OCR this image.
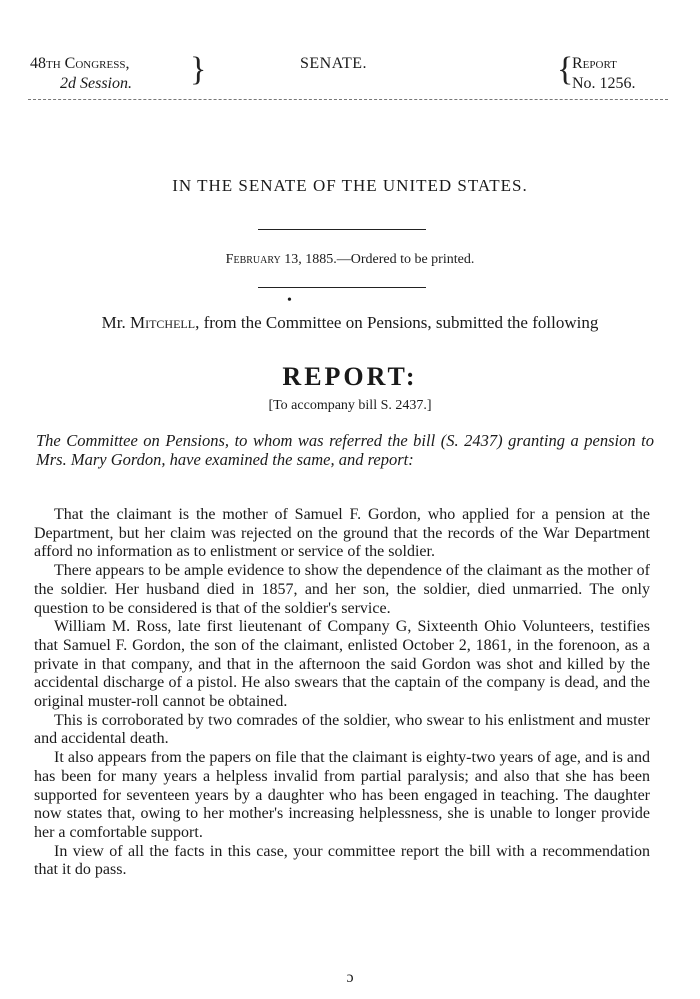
48th Congress,
2d Session.	}	SENATE.	{
Report
No. 1256.
IN THE SENATE OF THE UNITED STATES.
February 13, 1885.—Ordered to be printed.
•
Mr. Mitchell, from the Committee on Pensions, submitted the following
REPORT:
[To accompany bill S. 2437.]
The Committee on Pensions, to whom was referred the bill (S. 2437) granting a pension to Mrs. Mary Gordon, have examined the same, and report:

That the claimant is the mother of Samuel F. Gordon, who applied for a pension at the Department, but her claim was rejected on the ground that the records of the War Department afford no information as to enlistment or service of the soldier.

There appears to be ample evidence to show the dependence of the claimant as the mother of the soldier. Her husband died in 1857, and her son, the soldier, died unmarried. The only question to be considered is that of the soldier's service.

William M. Ross, late first lieutenant of Company G, Sixteenth Ohio Volunteers, testifies that Samuel F. Gordon, the son of the claimant, enlisted October 2, 1861, in the forenoon, as a private in that company, and that in the afternoon the said Gordon was shot and killed by the accidental discharge of a pistol. He also swears that the captain of the company is dead, and the original muster-roll cannot be obtained.

This is corroborated by two comrades of the soldier, who swear to his enlistment and muster and accidental death.

It also appears from the papers on file that the claimant is eighty-two years of age, and is and has been for many years a helpless invalid from partial paralysis; and also that she has been supported for seventeen years by a daughter who has been engaged in teaching. The daughter now states that, owing to her mother's increasing helplessness, she is unable to longer provide her a comfortable support.

In view of all the facts in this case, your committee report the bill with a recommendation that it do pass.

ɔ
